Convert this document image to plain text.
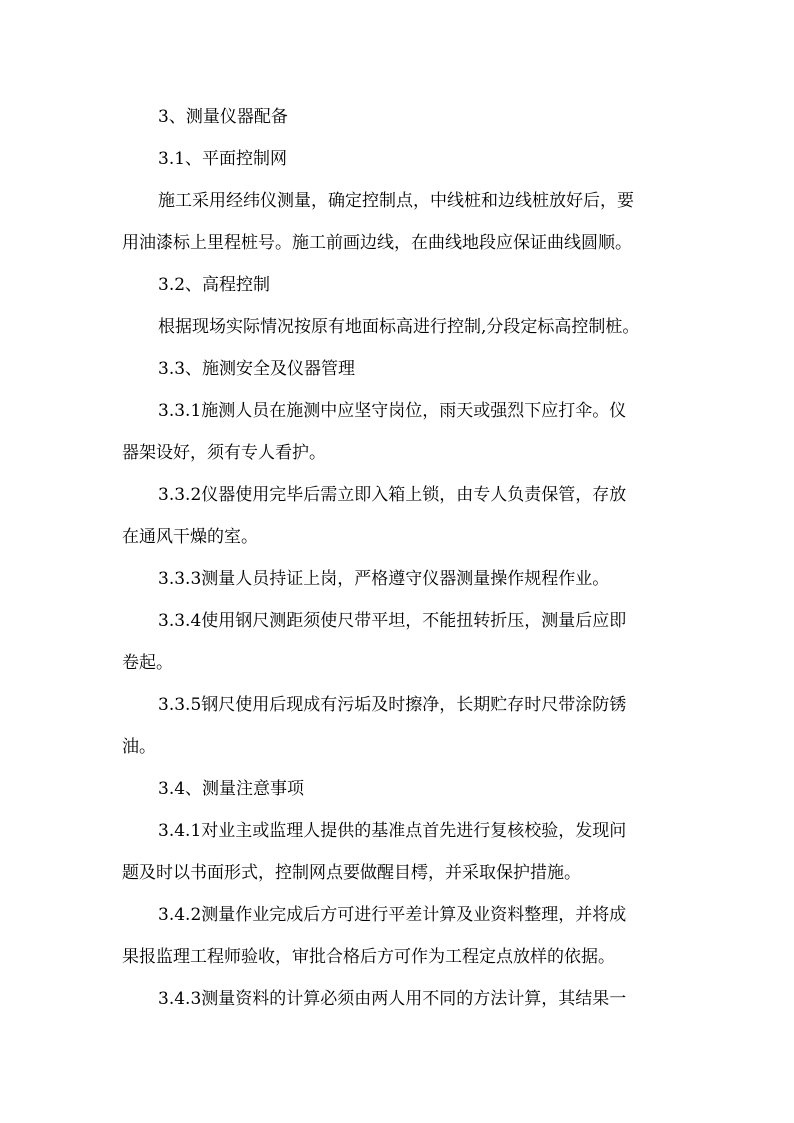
3、测量仪器配备

3.1、平面控制网

施工采用经纬仪测量，确定控制点，中线桩和边线桩放好后，要

用油漆标上里程桩号。施工前画边线，在曲线地段应保证曲线圆顺。

3.2、高程控制

根据现场实际情况按原有地面标高进行控制,分段定标高控制桩。

3.3、施测安全及仪器管理

3.3.1施测人员在施测中应坚守岗位，雨天或强烈下应打伞。仪

器架设好，须有专人看护。

3.3.2仪器使用完毕后需立即入箱上锁，由专人负责保管，存放

在通风干燥的室。

3.3.3测量人员持证上岗，严格遵守仪器测量操作规程作业。

3.3.4使用钢尺测距须使尺带平坦，不能扭转折压，测量后应即

卷起。

3.3.5钢尺使用后现成有污垢及时擦净，长期贮存时尺带涂防锈

油。

3.4、测量注意事项

3.4.1对业主或监理人提供的基准点首先进行复核校验，发现问

题及时以书面形式，控制网点要做醒目樗，并采取保护措施。

3.4.2测量作业完成后方可进行平差计算及业资料整理，并将成

果报监理工程师验收，审批合格后方可作为工程定点放样的依据。

3.4.3测量资料的计算必须由两人用不同的方法计算，其结果一
